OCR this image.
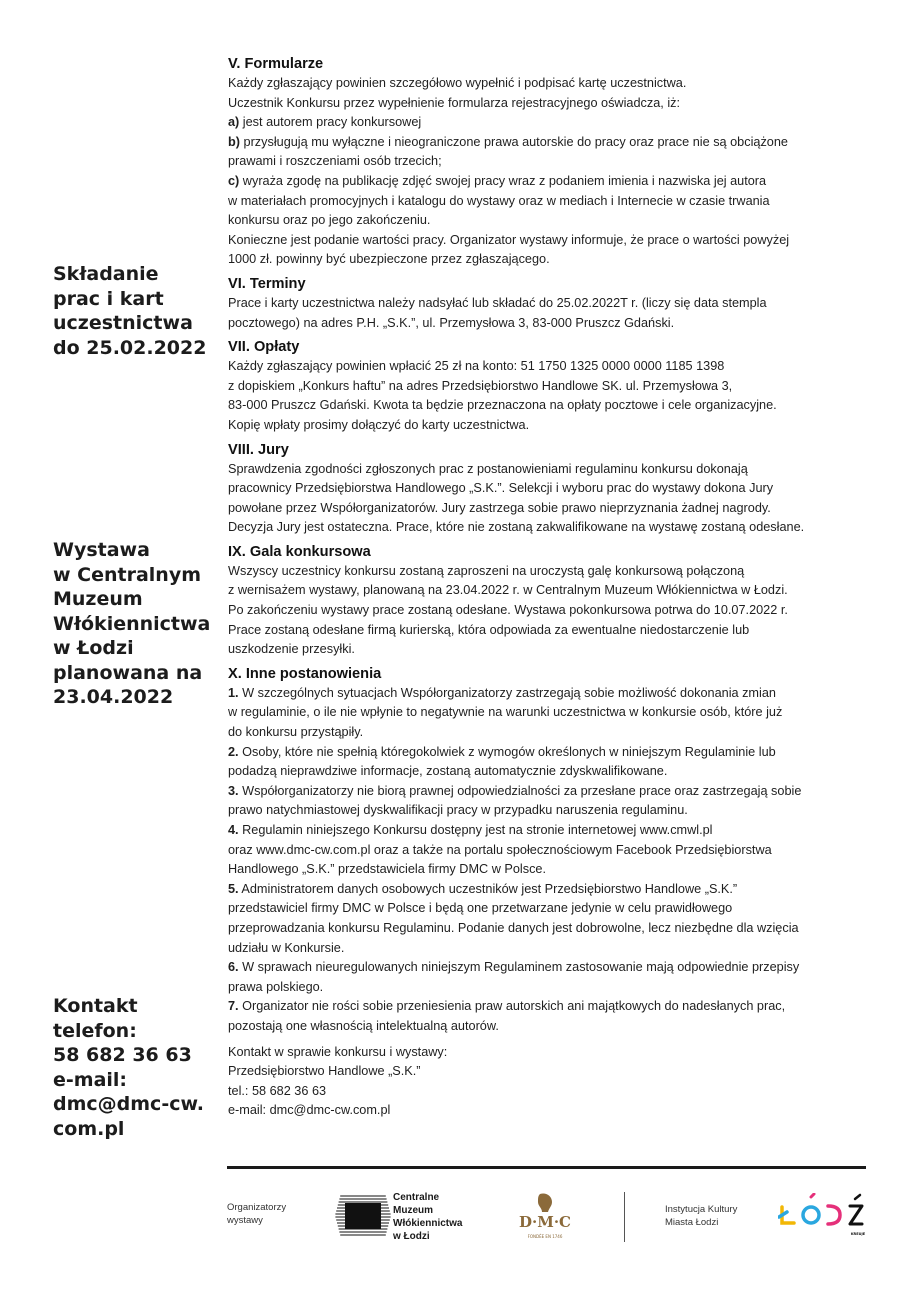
Składanie
prac i kart
uczestnictwa
do 25.02.2022
Wystawa
w Centralnym
Muzeum
Włókiennictwa
w Łodzi
planowana na
23.04.2022
Kontakt
telefon:
58 682 36 63
e-mail:
dmc@dmc-cw.
com.pl
V. Formularze
Każdy zgłaszający powinien szczegółowo wypełnić i podpisać kartę uczestnictwa.
Uczestnik Konkursu przez wypełnienie formularza rejestracyjnego oświadcza, iż:
a) jest autorem pracy konkursowej
b) przysługują mu wyłączne i nieograniczone prawa autorskie do pracy oraz prace nie są obciążone
prawami i roszczeniami osób trzecich;
c) wyraża zgodę na publikację zdjęć swojej pracy wraz z podaniem imienia i nazwiska jej autora
w materiałach promocyjnych i katalogu do wystawy oraz w mediach i Internecie w czasie trwania
konkursu oraz po jego zakończeniu.
Konieczne jest podanie wartości pracy. Organizator wystawy informuje, że prace o wartości powyżej
1000 zł. powinny być ubezpieczone przez zgłaszającego.
VI. Terminy
Prace i karty uczestnictwa należy nadsyłać lub składać do 25.02.2022T r. (liczy się data stempla
pocztowego) na adres P.H. „S.K.”, ul. Przemysłowa 3, 83-000 Pruszcz Gdański.
VII. Opłaty
Każdy zgłaszający powinien wpłacić 25 zł na konto: 51 1750 1325 0000 0000 1185 1398
z dopiskiem „Konkurs haftu” na adres Przedsiębiorstwo Handlowe SK. ul. Przemysłowa 3,
83-000 Pruszcz Gdański. Kwota ta będzie przeznaczona na opłaty pocztowe i cele organizacyjne.
Kopię wpłaty prosimy dołączyć do karty uczestnictwa.
VIII. Jury
Sprawdzenia zgodności zgłoszonych prac z postanowieniami regulaminu konkursu dokonają
pracownicy Przedsiębiorstwa Handlowego „S.K.”. Selekcji i wyboru prac do wystawy dokona Jury
powołane przez Współorganizatorów. Jury zastrzega sobie prawo nieprzyznania żadnej nagrody.
Decyzja Jury jest ostateczna. Prace, które nie zostaną zakwalifikowane na wystawę zostaną odesłane.
IX. Gala konkursowa
Wszyscy uczestnicy konkursu zostaną zaproszeni na uroczystą galę konkursową połączoną
z wernisażem wystawy, planowaną na 23.04.2022 r. w Centralnym Muzeum Włókiennictwa w Łodzi.
Po zakończeniu wystawy prace zostaną odesłane. Wystawa pokonkursowa potrwa do 10.07.2022 r.
Prace zostaną odesłane firmą kurierską, która odpowiada za ewentualne niedostarczenie lub
uszkodzenie przesyłki.
X. Inne postanowienia
1. W szczególnych sytuacjach Współorganizatorzy zastrzegają sobie możliwość dokonania zmian
w regulaminie, o ile nie wpłynie to negatywnie na warunki uczestnictwa w konkursie osób, które już
do konkursu przystąpiły.
2. Osoby, które nie spełnią któregokolwiek z wymogów określonych w niniejszym Regulaminie lub
podadzą nieprawdziwe informacje, zostaną automatycznie zdyskwalifikowane.
3. Współorganizatorzy nie biorą prawnej odpowiedzialności za przesłane prace oraz zastrzegają sobie
prawo natychmiastowej dyskwalifikacji pracy w przypadku naruszenia regulaminu.
4. Regulamin niniejszego Konkursu dostępny jest na stronie internetowej www.cmwl.pl
oraz www.dmc-cw.com.pl oraz a także na portalu społecznościowym Facebook Przedsiębiorstwa
Handlowego „S.K.” przedstawiciela firmy DMC w Polsce.
5. Administratorem danych osobowych uczestników jest Przedsiębiorstwo Handlowe „S.K.”
przedstawiciel firmy DMC w Polsce i będą one przetwarzane jedynie w celu prawidłowego
przeprowadzania konkursu Regulaminu. Podanie danych jest dobrowolne, lecz niezbędne dla wzięcia
udziału w Konkursie.
6. W sprawach nieuregulowanych niniejszym Regulaminem zastosowanie mają odpowiednie przepisy
prawa polskiego.
7. Organizator nie rości sobie przeniesienia praw autorskich ani majątkowych do nadesłanych prac,
pozostają one własnością intelektualną autorów.
Kontakt w sprawie konkursu i wystawy:
Przedsiębiorstwo Handlowe „S.K.”
tel.: 58 682 36 63
e-mail: dmc@dmc-cw.com.pl
Organizatorzy
wystawy
Centralne
Muzeum
Włókiennictwa
w Łodzi
D·M·C
FONDÉE EN 1746
Instytucja Kultury
Miasta Łodzi
KREUJE
